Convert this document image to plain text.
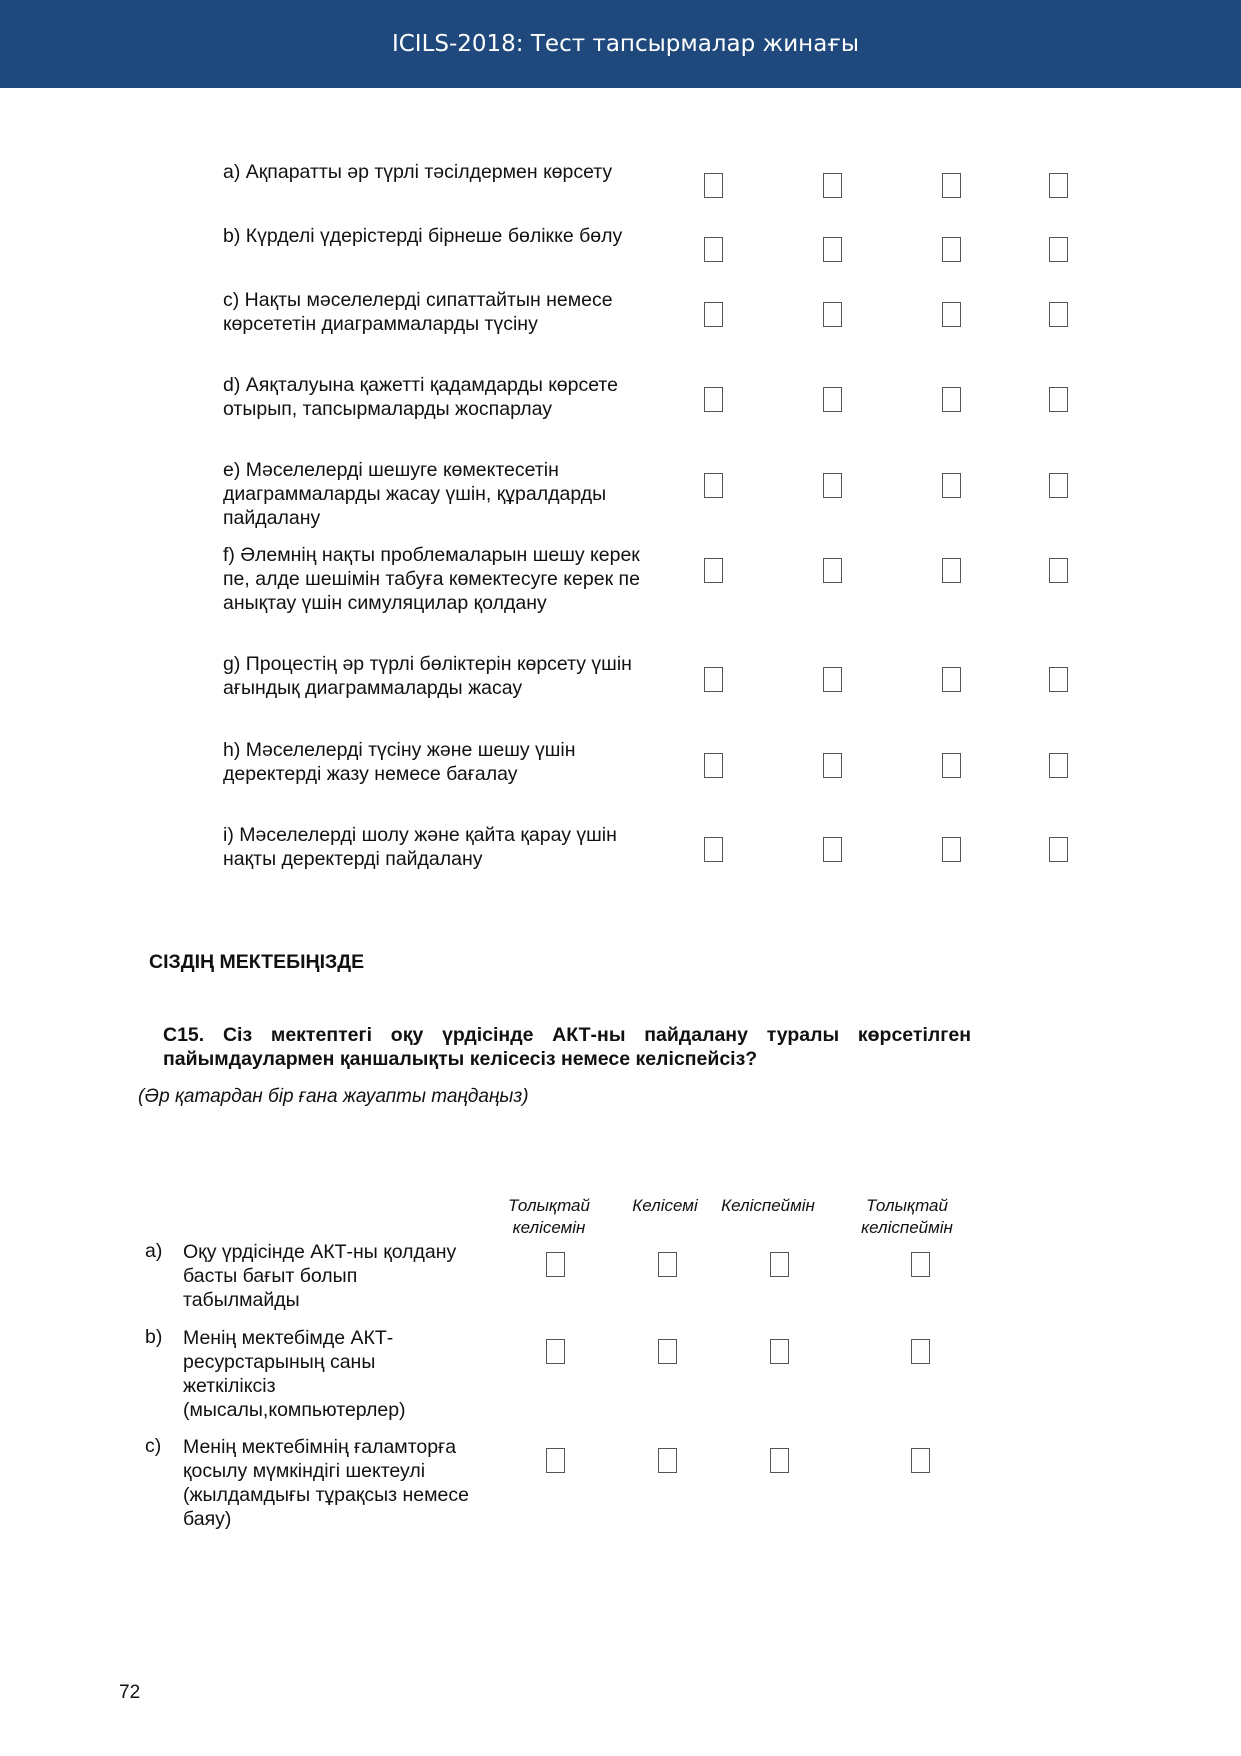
ICILS-2018: Тест тапсырмалар жинағы
a) Ақпаратты әр түрлі тәсілдермен көрсету
b) Күрделі үдерістерді бірнеше бөлікке бөлу
c) Нақты мәселелерді сипаттайтын немесе көрсететін диаграммаларды түсіну
d) Аяқталуына қажетті қадамдарды көрсете отырып, тапсырмаларды жоспарлау
e) Мәселелерді шешуге көмектесетін диаграммаларды жасау үшін, құралдарды пайдалану
f) Әлемнің нақты проблемаларын шешу керек пе, алде шешімін табуға көмектесуге керек пе анықтау үшін симуляцилар қолдану
g) Процестің әр түрлі бөліктерін көрсету үшін ағындық диаграммаларды жасау
h) Мәселелерді түсіну және шешу үшін деректерді жазу немесе бағалау
i) Мәселелерді шолу және қайта қарау үшін нақты деректерді пайдалану
СІЗДІҢ МЕКТЕБІҢІЗДЕ
C15. Сіз мектептегі оқу үрдісінде АКТ-ны пайдалану туралы көрсетілген пайымдаулармен қаншалықты келісесіз немесе келіспейсіз?
(Әр қатардан бір ғана жауапты таңдаңыз)
Толықтай
келісемін
Келісемі	Келіспеймін	Толықтай
келіспеймін
a) Оқу үрдісінде АКТ-ны қолдану басты бағыт болып табылмайды
b) Менің мектебімде АКТ-ресурстарының саны жеткіліксіз (мысалы,компьютерлер)
c) Менің мектебімнің ғаламторға қосылу мүмкіндігі шектеулі (жылдамдығы тұрақсыз немесе баяу)
72
